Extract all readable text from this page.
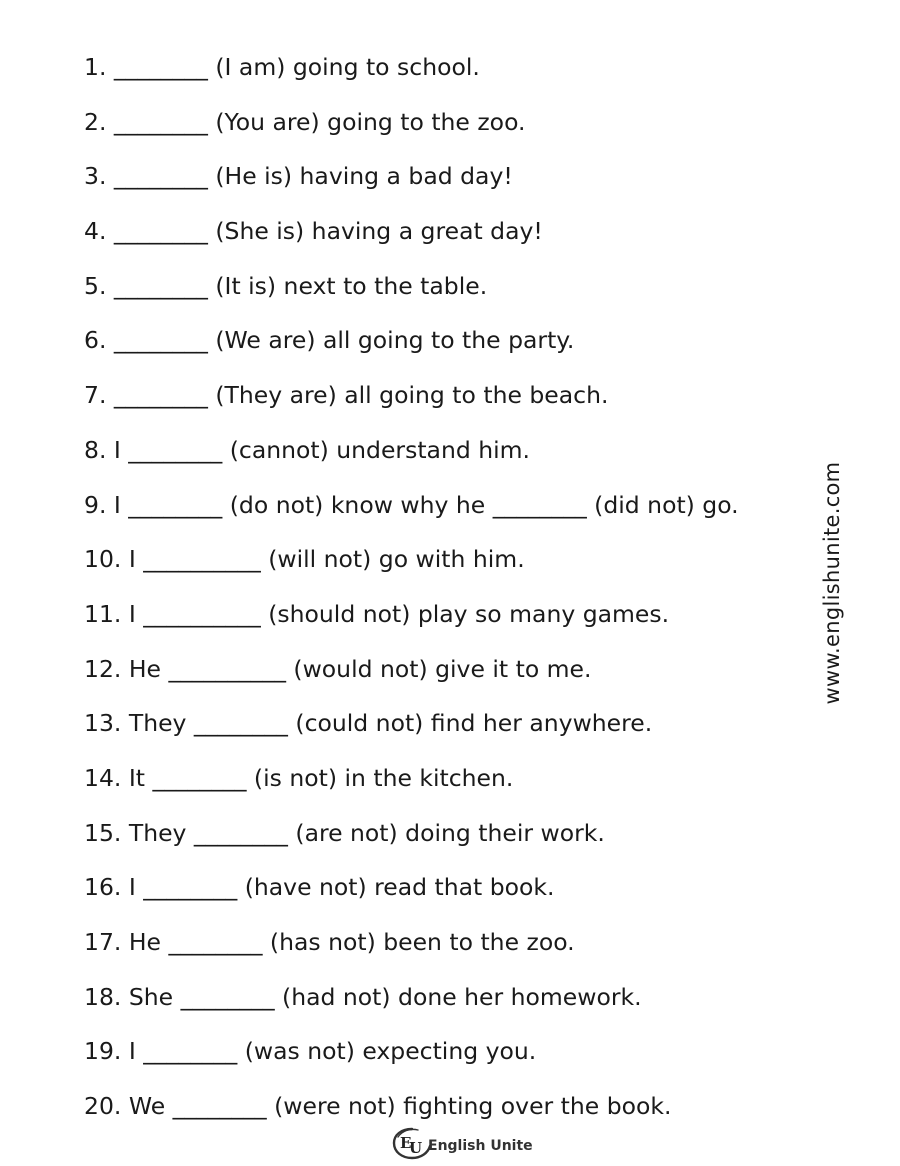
1. ________ (I am) going to school.
2. ________ (You are) going to the zoo.
3. ________ (He is) having a bad day!
4. ________ (She is) having a great day!
5. ________ (It is) next to the table.
6. ________ (We are) all going to the party.
7. ________ (They are) all going to the beach.
8. I ________ (cannot) understand him.
9. I ________ (do not) know why he ________ (did not) go.
10. I __________ (will not) go with him.
11. I __________ (should not) play so many games.
12. He __________ (would not) give it to me.
13. They ________ (could not) find her anywhere.
14. It ________ (is not) in the kitchen.
15. They ________ (are not) doing their work.
16. I ________ (have not) read that book.
17. He ________ (has not) been to the zoo.
18. She ________ (had not) done her homework.
19. I ________ (was not) expecting you.
20. We ________ (were not) fighting over the book.
www.englishunite.com
E
U English Unite
